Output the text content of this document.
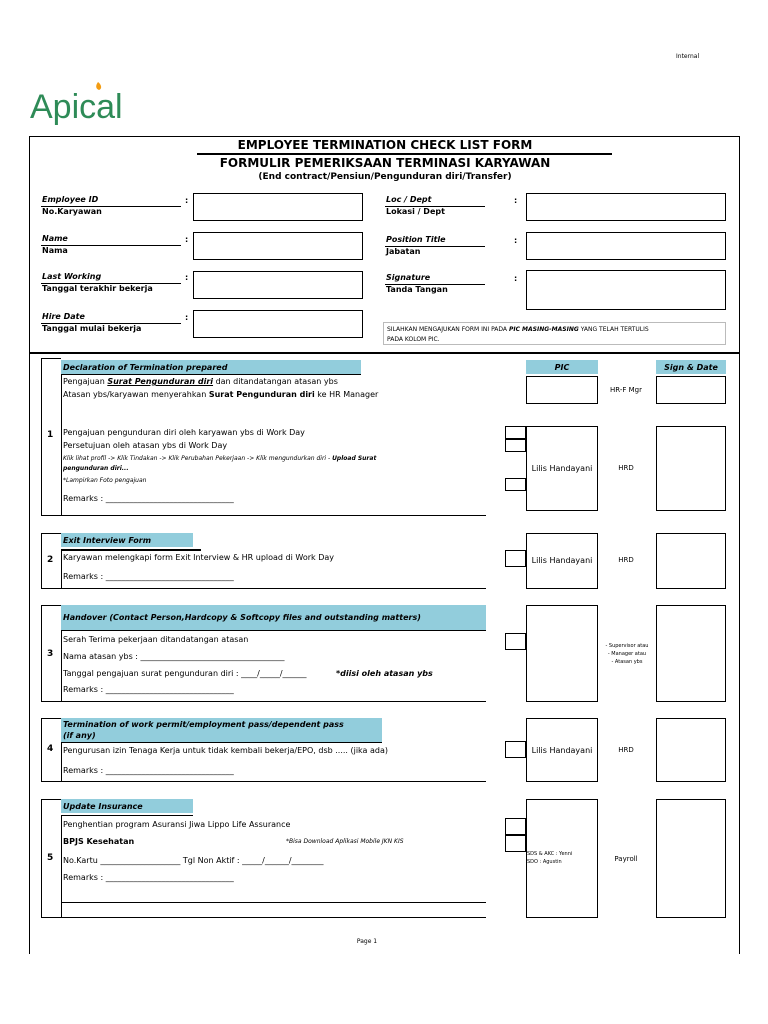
Internal
Apical
EMPLOYEE TERMINATION CHECK LIST FORM
FORMULIR PEMERIKSAAN TERMINASI KARYAWAN
(End contract/Pensiun/Pengunduran diri/Transfer)
Employee ID
No.Karyawan
:
Name
Nama
:
Last Working
Tanggal terakhir bekerja
:
Hire Date
Tanggal mulai bekerja
:
Loc / Dept
Lokasi / Dept
:
Position Title
Jabatan
:
Signature
Tanda Tangan
:
SILAHKAN MENGAJUKAN FORM INI PADA PIC MASING-MASING YANG TELAH TERTULIS
PADA KOLOM PIC.
PIC	Sign & Date
1
Declaration of Termination prepared
Pengajuan Surat Pengunduran diri dan ditandatangan atasan ybs
Atasan ybs/karyawan menyerahkan Surat Pengunduran diri ke HR Manager
Pengajuan pengunduran diri oleh karyawan ybs di Work Day
Persetujuan oleh atasan ybs di Work Day
Klik lihat profil -> Klik Tindakan -> Klik Perubahan Pekerjaan -> Klik mengundurkan diri - Upload Surat
pengunduran diri...
*Lampirkan Foto pengajuan
Remarks : ________________________________
HR-F Mgr
Lilis Handayani	HRD
2
Exit Interview Form
Karyawan melengkapi form Exit Interview & HR upload di Work Day
Remarks : ________________________________
Lilis Handayani	HRD
3
Handover (Contact Person,Hardcopy & Softcopy files and outstanding matters)
Serah Terima pekerjaan ditandatangan atasan
Nama atasan ybs : ____________________________________
Tanggal pengajuan surat pengunduran diri : ____/_____/______	*diisi oleh atasan ybs
Remarks : ________________________________
- Supervisor atau
- Manager atau
- Atasan ybs
4
Termination of work permit/employment pass/dependent pass
(if any)
Pengurusan izin Tenaga Kerja untuk tidak kembali bekerja/EPO, dsb ..... (jika ada)
Remarks : ________________________________
Lilis Handayani	HRD
5
Update Insurance
Penghentian program Asuransi Jiwa Lippo Life Assurance
BPJS Kesehatan	*Bisa Download Aplikasi Mobile JKN KIS
No.Kartu ____________________ Tgl Non Aktif : _____/______/________
Remarks : ________________________________
SDS & AKC : Yenni
SDO : Agustin	Payroll
Page 1
